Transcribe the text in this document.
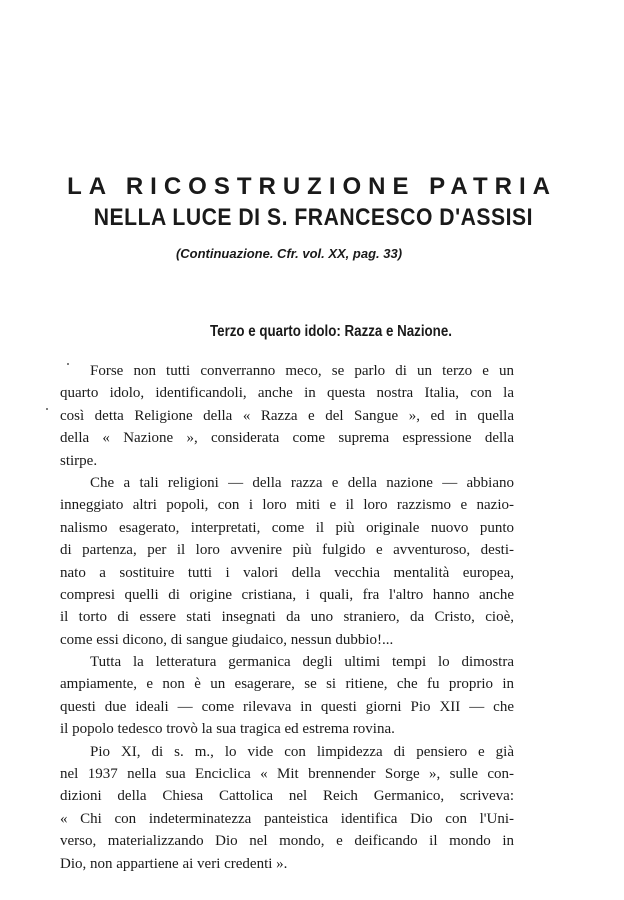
LA RICOSTRUZIONE PATRIA
NELLA LUCE DI S. FRANCESCO D'ASSISI

(Continuazione. Cfr. vol. XX, pag. 33)

Terzo e quarto idolo: Razza e Nazione.
Forse non tutti converranno meco, se parlo di un terzo e un
quarto idolo, identificandoli, anche in questa nostra Italia, con la
così detta Religione della « Razza e del Sangue », ed in quella
della « Nazione », considerata come suprema espressione della
stirpe.
Che a tali religioni — della razza e della nazione — abbiano
inneggiato altri popoli, con i loro miti e il loro razzismo e nazio-
nalismo esagerato, interpretati, come il più originale nuovo punto
di partenza, per il loro avvenire più fulgido e avventuroso, desti-
nato a sostituire tutti i valori della vecchia mentalità europea,
compresi quelli di origine cristiana, i quali, fra l'altro hanno anche
il torto di essere stati insegnati da uno straniero, da Cristo, cioè,
come essi dicono, di sangue giudaico, nessun dubbio!...
Tutta la letteratura germanica degli ultimi tempi lo dimostra
ampiamente, e non è un esagerare, se si ritiene, che fu proprio in
questi due ideali — come rilevava in questi giorni Pio XII — che
il popolo tedesco trovò la sua tragica ed estrema rovina.
Pio XI, di s. m., lo vide con limpidezza di pensiero e già
nel 1937 nella sua Enciclica « Mit brennender Sorge », sulle con-
dizioni della Chiesa Cattolica nel Reich Germanico, scriveva:
« Chi con indeterminatezza panteistica identifica Dio con l'Uni-
verso, materializzando Dio nel mondo, e deificando il mondo in
Dio, non appartiene ai veri credenti ».
